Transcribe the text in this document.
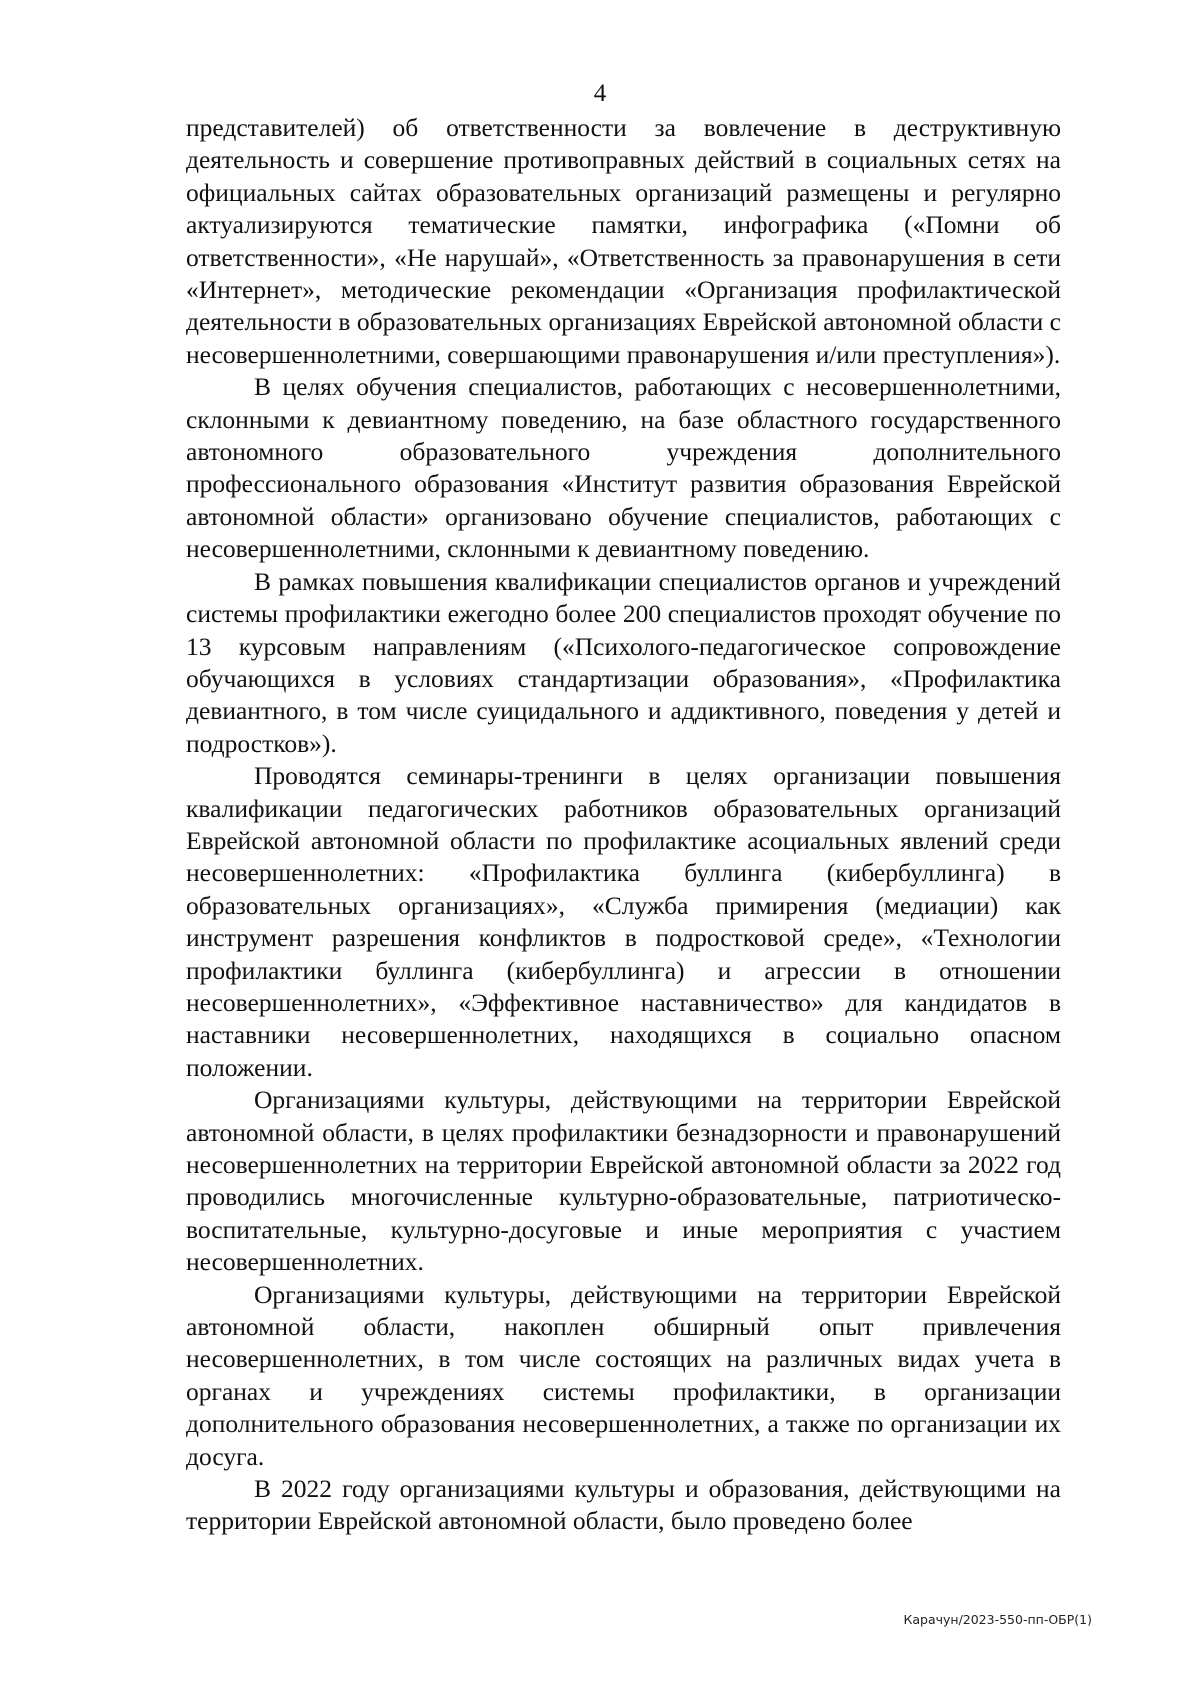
4

представителей) об ответственности за вовлечение в деструктивную деятельность и совершение противоправных действий в социальных сетях на официальных сайтах образовательных организаций размещены и регулярно актуализируются тематические памятки, инфографика («Помни об ответственности», «Не нарушай», «Ответственность за правонарушения в сети «Интернет», методические рекомендации «Организация профилактической деятельности в образовательных организациях Еврейской автономной области с несовершеннолетними, совершающими правонарушения и/или преступления»).

В целях обучения специалистов, работающих с несовершеннолетними, склонными к девиантному поведению, на базе областного государственного автономного образовательного учреждения дополнительного профессионального образования «Институт развития образования Еврейской автономной области» организовано обучение специалистов, работающих с несовершеннолетними, склонными к девиантному поведению.

В рамках повышения квалификации специалистов органов и учреждений системы профилактики ежегодно более 200 специалистов проходят обучение по 13 курсовым направлениям («Психолого-педагогическое сопровождение обучающихся в условиях стандартизации образования», «Профилактика девиантного, в том числе суицидального и аддиктивного, поведения у детей и подростков»).

Проводятся семинары-тренинги в целях организации повышения квалификации педагогических работников образовательных организаций Еврейской автономной области по профилактике асоциальных явлений среди несовершеннолетних: «Профилактика буллинга (кибербуллинга) в образовательных организациях», «Служба примирения (медиации) как инструмент разрешения конфликтов в подростковой среде», «Технологии профилактики буллинга (кибербуллинга) и агрессии в отношении несовершеннолетних», «Эффективное наставничество» для кандидатов в наставники несовершеннолетних, находящихся в социально опасном положении.

Организациями культуры, действующими на территории Еврейской автономной области, в целях профилактики безнадзорности и правонарушений несовершеннолетних на территории Еврейской автономной области за 2022 год проводились многочисленные культурно-образовательные, патриотическо-воспитательные, культурно-досуговые и иные мероприятия с участием несовершеннолетних.

Организациями культуры, действующими на территории Еврейской автономной области, накоплен обширный опыт привлечения несовершеннолетних, в том числе состоящих на различных видах учета в органах и учреждениях системы профилактики, в организации дополнительного образования несовершеннолетних, а также по организации их досуга.

В 2022 году организациями культуры и образования, действующими на территории Еврейской автономной области, было проведено более

Карачун/2023-550-пп-ОБР(1)
